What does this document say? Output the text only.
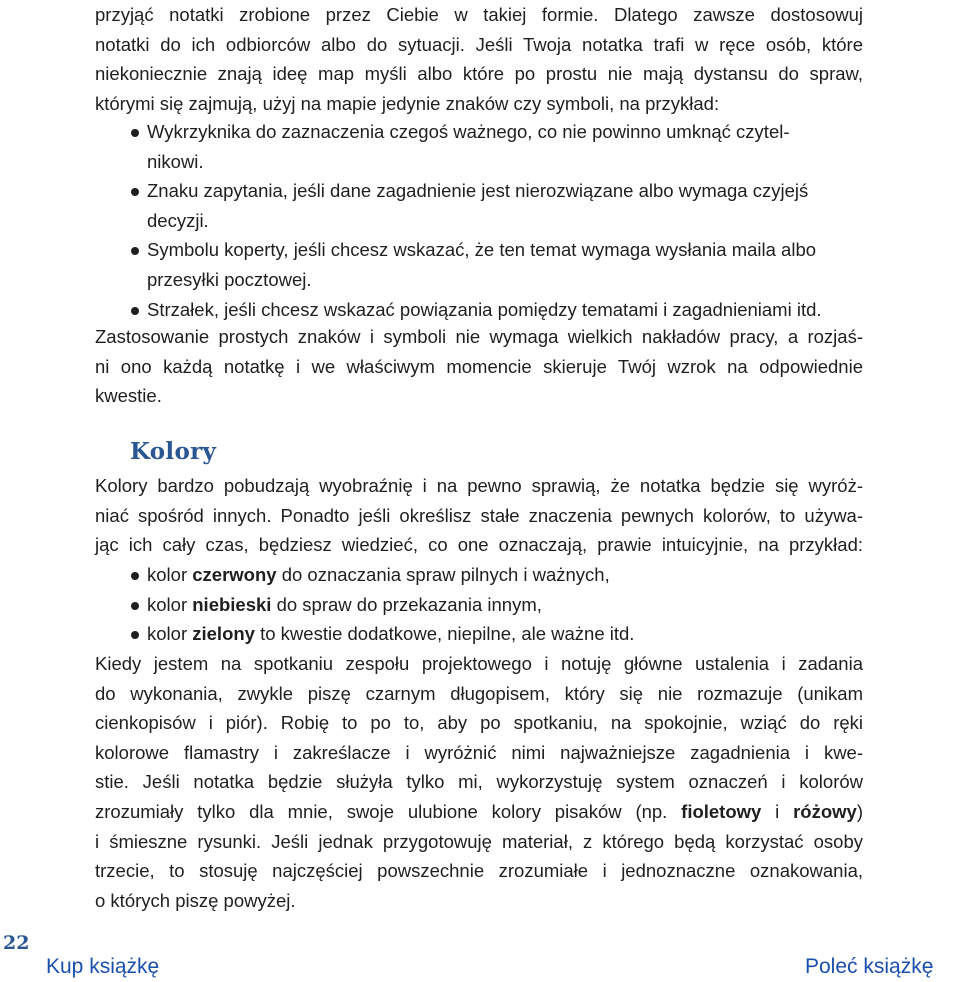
przyjąć notatki zrobione przez Ciebie w takiej formie. Dlatego zawsze dostosowuj
notatki do ich odbiorców albo do sytuacji. Jeśli Twoja notatka trafi w ręce osób, które
niekoniecznie znają ideę map myśli albo które po prostu nie mają dystansu do spraw,
którymi się zajmują, użyj na mapie jedynie znaków czy symboli, na przykład:
Wykrzyknika do zaznaczenia czegoś ważnego, co nie powinno umknąć czytel-
nikowi.
Znaku zapytania, jeśli dane zagadnienie jest nierozwiązane albo wymaga czyjejś
decyzji.
Symbolu koperty, jeśli chcesz wskazać, że ten temat wymaga wysłania maila albo
przesyłki pocztowej.
Strzałek, jeśli chcesz wskazać powiązania pomiędzy tematami i zagadnieniami itd.
Zastosowanie prostych znaków i symboli nie wymaga wielkich nakładów pracy, a rozjaś-
ni ono każdą notatkę i we właściwym momencie skieruje Twój wzrok na odpowiednie
kwestie.
Kolory bardzo pobudzają wyobraźnię i na pewno sprawią, że notatka będzie się wyróż-
niać spośród innych. Ponadto jeśli określisz stałe znaczenia pewnych kolorów, to używa-
jąc ich cały czas, będziesz wiedzieć, co one oznaczają, prawie intuicyjnie, na przykład:
kolor czerwony do oznaczania spraw pilnych i ważnych,
kolor niebieski do spraw do przekazania innym,
kolor zielony to kwestie dodatkowe, niepilne, ale ważne itd.
Kiedy jestem na spotkaniu zespołu projektowego i notuję główne ustalenia i zadania
do wykonania, zwykle piszę czarnym długopisem, który się nie rozmazuje (unikam
cienkopisów i piór). Robię to po to, aby po spotkaniu, na spokojnie, wziąć do ręki
kolorowe flamastry i zakreślacze i wyróżnić nimi najważniejsze zagadnienia i kwe-
stie. Jeśli notatka będzie służyła tylko mi, wykorzystuję system oznaczeń i kolorów
zrozumiały tylko dla mnie, swoje ulubione kolory pisaków (np. fioletowy i różowy)
i śmieszne rysunki. Jeśli jednak przygotowuję materiał, z którego będą korzystać osoby
trzecie, to stosuję najczęściej powszechnie zrozumiałe i jednoznaczne oznakowania,
o których piszę powyżej.
Kolory
22
Kup książkę	Poleć książkę
